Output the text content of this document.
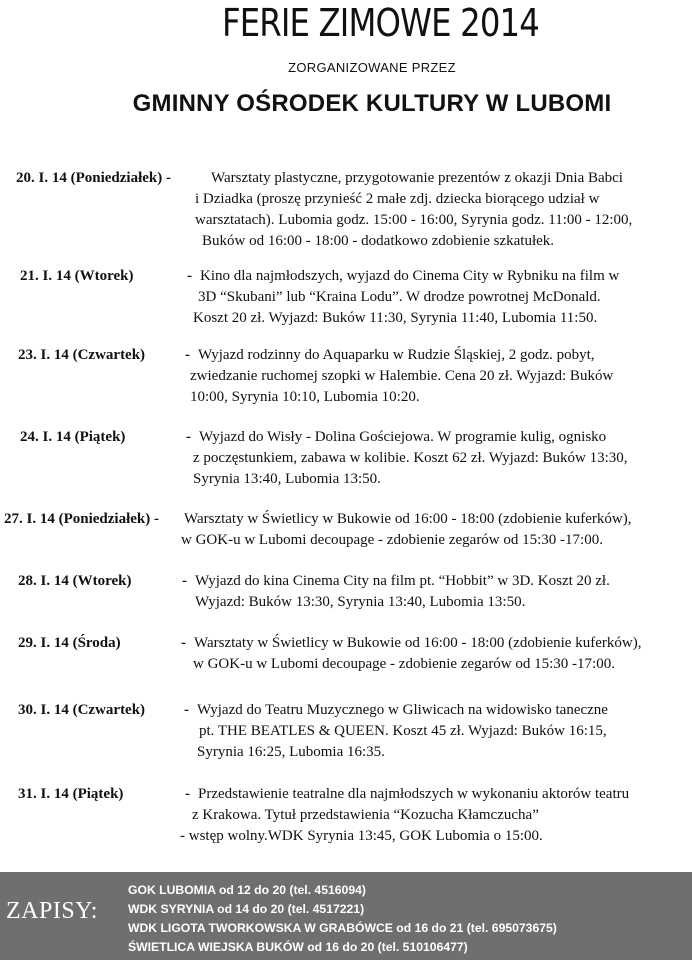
FERIE ZIMOWE 2014
ZORGANIZOWANE PRZEZ
GMINNY OŚRODEK KULTURY W LUBOMI
20. I. 14 (Poniedziałek) -	Warsztaty plastyczne, przygotowanie prezentów z okazji Dnia Babci
i Dziadka (proszę przynieść 2 małe zdj. dziecka biorącego udział w
warsztatach). Lubomia godz. 15:00 - 16:00, Syrynia godz. 11:00 - 12:00,
Buków od 16:00 - 18:00 - dodatkowo zdobienie szkatułek.
21. I. 14 (Wtorek)	- Kino dla najmłodszych, wyjazd do Cinema City w Rybniku na film w
3D “Skubani” lub “Kraina Lodu”. W drodze powrotnej McDonald.
Koszt 20 zł. Wyjazd: Buków 11:30, Syrynia 11:40, Lubomia 11:50.
23. I. 14 (Czwartek)	- Wyjazd rodzinny do Aquaparku w Rudzie Śląskiej, 2 godz. pobyt,
zwiedzanie ruchomej szopki w Halembie. Cena 20 zł. Wyjazd: Buków
10:00, Syrynia 10:10, Lubomia 10:20.
24. I. 14 (Piątek)	- Wyjazd do Wisły - Dolina Gościejowa. W programie kulig, ognisko
z poczęstunkiem, zabawa w kolibie. Koszt 62 zł. Wyjazd: Buków 13:30,
Syrynia 13:40, Lubomia 13:50.
27. I. 14 (Poniedziałek) - Warsztaty w Świetlicy w Bukowie od 16:00 - 18:00 (zdobienie kuferków),
w GOK-u w Lubomi decoupage - zdobienie zegarów od 15:30 -17:00.
28. I. 14 (Wtorek)	- Wyjazd do kina Cinema City na film pt. “Hobbit” w 3D. Koszt 20 zł.
Wyjazd: Buków 13:30, Syrynia 13:40, Lubomia 13:50.
29. I. 14 (Środa)	- Warsztaty w Świetlicy w Bukowie od 16:00 - 18:00 (zdobienie kuferków),
w GOK-u w Lubomi decoupage - zdobienie zegarów od 15:30 -17:00.
30. I. 14 (Czwartek)	- Wyjazd do Teatru Muzycznego w Gliwicach na widowisko taneczne
pt. THE BEATLES & QUEEN. Koszt 45 zł. Wyjazd: Buków 16:15,
Syrynia 16:25, Lubomia 16:35.
31. I. 14 (Piątek)	- Przedstawienie teatralne dla najmłodszych w wykonaniu aktorów teatru
z Krakowa. Tytuł przedstawienia “Kozucha Kłamczucha”
- wstęp wolny.WDK Syrynia 13:45, GOK Lubomia o 15:00.
ZAPISY:
GOK LUBOMIA od 12 do 20 (tel. 4516094)
WDK SYRYNIA od 14 do 20 (tel. 4517221)
WDK LIGOTA TWORKOWSKA W GRABÓWCE od 16 do 21 (tel. 695073675)
ŚWIETLICA WIEJSKA BUKÓW od 16 do 20 (tel. 510106477)
